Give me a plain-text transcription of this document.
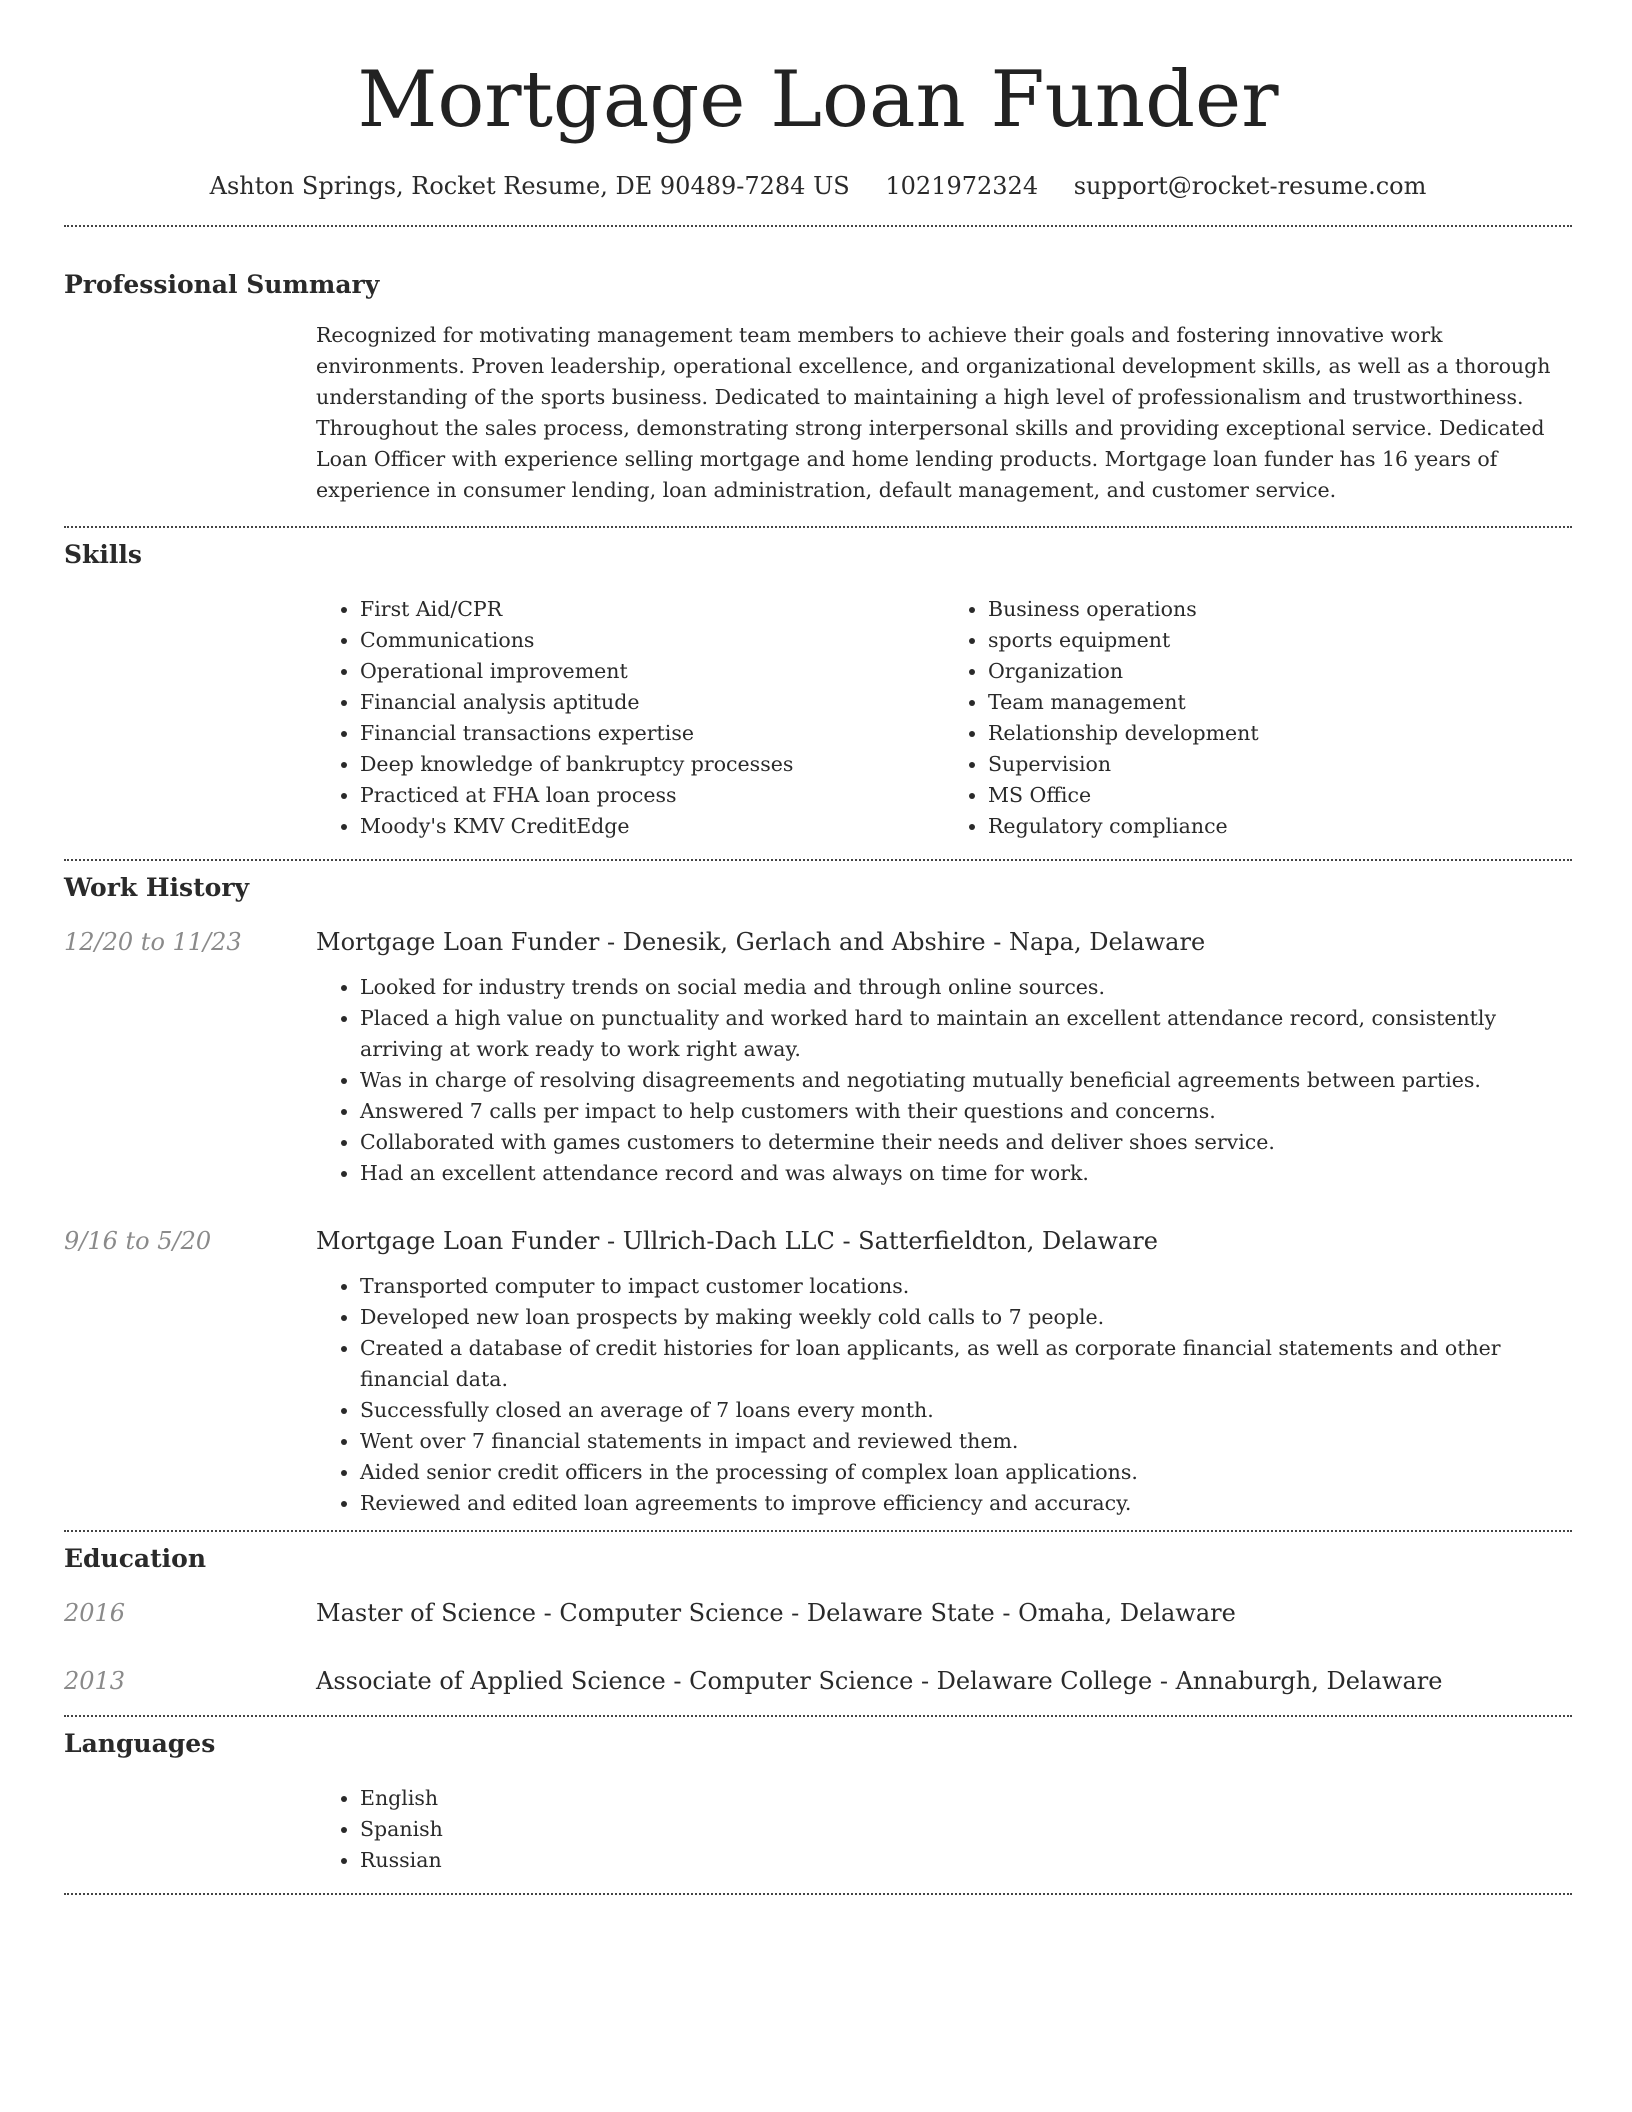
Mortgage Loan Funder
Ashton Springs, Rocket Resume, DE 90489-7284 US 1021972324 support@rocket-resume.com
Professional Summary
Recognized for motivating management team members to achieve their goals and fostering innovative work environments. Proven leadership, operational excellence, and organizational development skills, as well as a thorough understanding of the sports business. Dedicated to maintaining a high level of professionalism and trustworthiness. Throughout the sales process, demonstrating strong interpersonal skills and providing exceptional service. Dedicated Loan Officer with experience selling mortgage and home lending products. Mortgage loan funder has 16 years of experience in consumer lending, loan administration, default management, and customer service.
Skills
• First Aid/CPR
• Communications
• Operational improvement
• Financial analysis aptitude
• Financial transactions expertise
• Deep knowledge of bankruptcy processes
• Practiced at FHA loan process
• Moody's KMV CreditEdge
• Business operations
• sports equipment
• Organization
• Team management
• Relationship development
• Supervision
• MS Office
• Regulatory compliance
Work History
12/20 to 11/23	Mortgage Loan Funder - Denesik, Gerlach and Abshire - Napa, Delaware
• Looked for industry trends on social media and through online sources.
• Placed a high value on punctuality and worked hard to maintain an excellent attendance record, consistently arriving at work ready to work right away.
• Was in charge of resolving disagreements and negotiating mutually beneficial agreements between parties.
• Answered 7 calls per impact to help customers with their questions and concerns.
• Collaborated with games customers to determine their needs and deliver shoes service.
• Had an excellent attendance record and was always on time for work.
9/16 to 5/20	Mortgage Loan Funder - Ullrich-Dach LLC - Satterfieldton, Delaware
• Transported computer to impact customer locations.
• Developed new loan prospects by making weekly cold calls to 7 people.
• Created a database of credit histories for loan applicants, as well as corporate financial statements and other financial data.
• Successfully closed an average of 7 loans every month.
• Went over 7 financial statements in impact and reviewed them.
• Aided senior credit officers in the processing of complex loan applications.
• Reviewed and edited loan agreements to improve efficiency and accuracy.
Education
2016	Master of Science - Computer Science - Delaware State - Omaha, Delaware
2013	Associate of Applied Science - Computer Science - Delaware College - Annaburgh, Delaware
Languages
• English
• Spanish
• Russian
